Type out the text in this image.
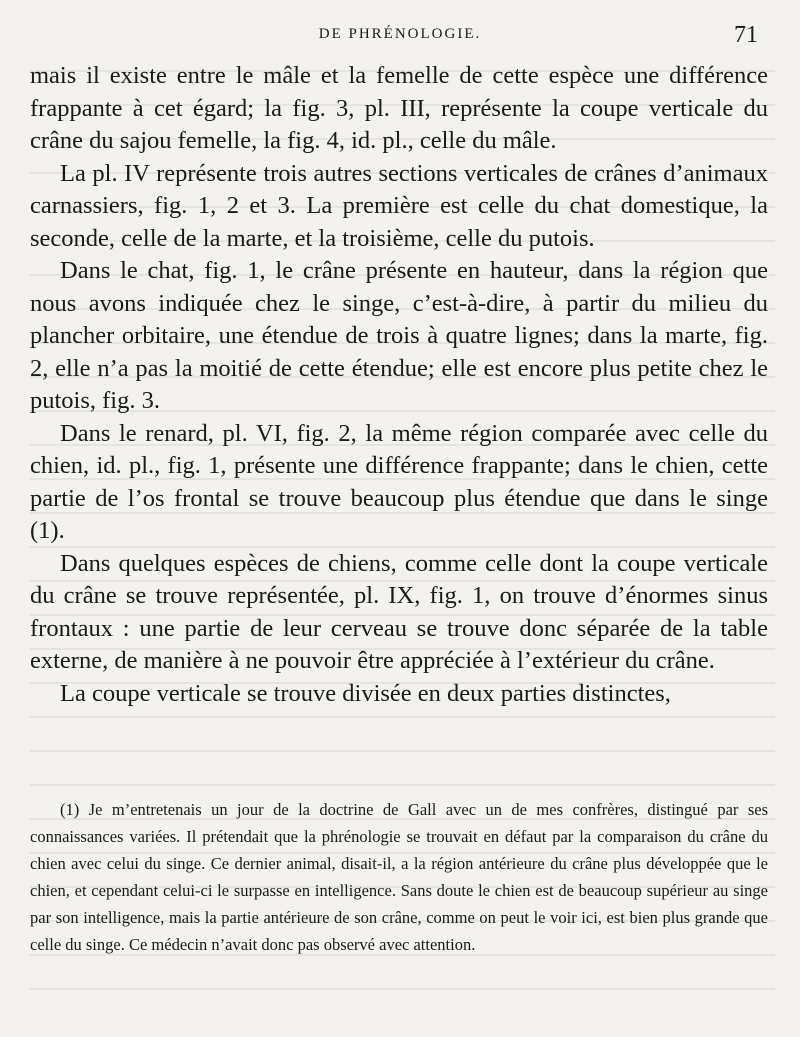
DE PHRÉNOLOGIE.	71

mais il existe entre le mâle et la femelle de cette espèce une différence frappante à cet égard; la fig. 3, pl. III, représente la coupe verticale du crâne du sajou femelle, la fig. 4, id. pl., celle du mâle.

La pl. IV représente trois autres sections verticales de crânes d’animaux carnassiers, fig. 1, 2 et 3. La première est celle du chat domestique, la seconde, celle de la marte, et la troisième, celle du putois.

Dans le chat, fig. 1, le crâne présente en hauteur, dans la région que nous avons indiquée chez le singe, c’est-à-dire, à partir du milieu du plancher orbitaire, une étendue de trois à quatre lignes; dans la marte, fig. 2, elle n’a pas la moitié de cette étendue; elle est encore plus petite chez le putois, fig. 3.

Dans le renard, pl. VI, fig. 2, la même région comparée avec celle du chien, id. pl., fig. 1, présente une différence frappante; dans le chien, cette partie de l’os frontal se trouve beaucoup plus étendue que dans le singe (1).

Dans quelques espèces de chiens, comme celle dont la coupe verticale du crâne se trouve représentée, pl. IX, fig. 1, on trouve d’énormes sinus frontaux : une partie de leur cerveau se trouve donc séparée de la table externe, de manière à ne pouvoir être appréciée à l’extérieur du crâne.

La coupe verticale se trouve divisée en deux parties distinctes,

(1) Je m’entretenais un jour de la doctrine de Gall avec un de mes confrères, distingué par ses connaissances variées. Il prétendait que la phrénologie se trouvait en défaut par la comparaison du crâne du chien avec celui du singe. Ce dernier animal, disait-il, a la région antérieure du crâne plus développée que le chien, et cependant celui-ci le surpasse en intelligence. Sans doute le chien est de beaucoup supérieur au singe par son intelligence, mais la partie antérieure de son crâne, comme on peut le voir ici, est bien plus grande que celle du singe. Ce médecin n’avait donc pas observé avec attention.
